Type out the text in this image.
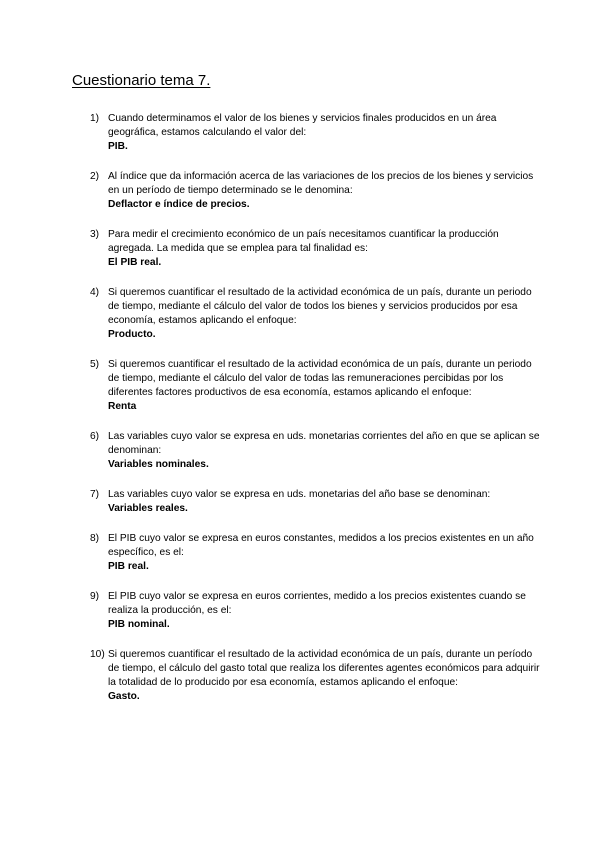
Cuestionario tema 7.
1) Cuando determinamos el valor de los bienes y servicios finales producidos en un área geográfica, estamos calculando el valor del:
PIB.
2) Al índice que da información acerca de las variaciones de los precios de los bienes y servicios en un período de tiempo determinado se le denomina:
Deflactor e índice de precios.
3) Para medir el crecimiento económico de un país necesitamos cuantificar la producción agregada. La medida que se emplea para tal finalidad es:
El PIB real.
4) Si queremos cuantificar el resultado de la actividad económica de un país, durante un periodo de tiempo, mediante el cálculo del valor de todos los bienes y servicios producidos por esa economía, estamos aplicando el enfoque:
Producto.
5) Si queremos cuantificar el resultado de la actividad económica de un país, durante un periodo de tiempo, mediante el cálculo del valor de todas las remuneraciones percibidas por los diferentes factores productivos de esa economía, estamos aplicando el enfoque:
Renta
6) Las variables cuyo valor se expresa en uds. monetarias corrientes del año en que se aplican se denominan:
Variables nominales.
7) Las variables cuyo valor se expresa en uds. monetarias del año base se denominan:
Variables reales.
8) El PIB cuyo valor se expresa en euros constantes, medidos a los precios existentes en un año específico, es el:
PIB real.
9) El PIB cuyo valor se expresa en euros corrientes, medido a los precios existentes cuando se realiza la producción, es el:
PIB nominal.
10) Si queremos cuantificar el resultado de la actividad económica de un país, durante un período de tiempo, el cálculo del gasto total que realiza los diferentes agentes económicos para adquirir la totalidad de lo producido por esa economía, estamos aplicando el enfoque:
Gasto.
